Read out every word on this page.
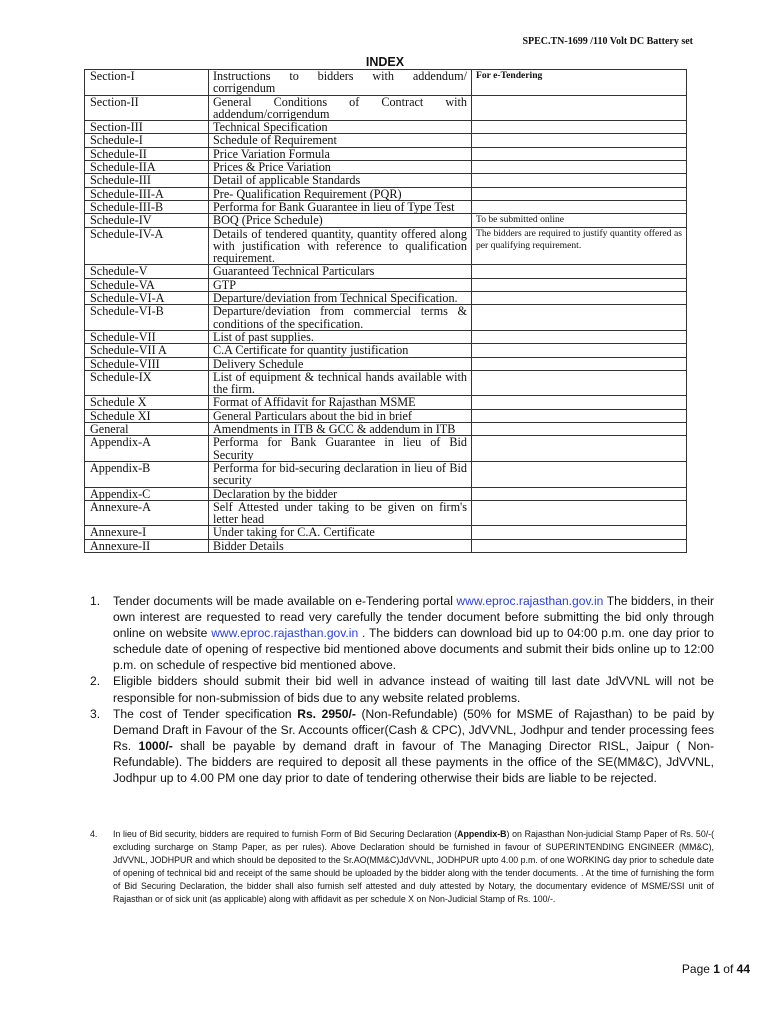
SPEC.TN-1699 /110 Volt DC Battery set
INDEX
Section-I	Instructions to bidders with addendum/ corrigendum	For e-Tendering
Section-II	General Conditions of Contract with addendum/corrigendum	
Section-III	Technical Specification	
Schedule-I	Schedule of Requirement	
Schedule-II	Price Variation Formula	
Schedule-IIA	Prices & Price Variation	
Schedule-III	Detail of applicable Standards	
Schedule-III-A	Pre- Qualification Requirement (PQR)	
Schedule-III-B	Performa for Bank Guarantee in lieu of Type Test	
Schedule-IV	BOQ (Price Schedule)	To be submitted online
Schedule-IV-A	Details of tendered quantity, quantity offered along with justification with reference to qualification requirement.	The bidders are required to justify quantity offered as per qualifying requirement.
Schedule-V	Guaranteed Technical Particulars	
Schedule-VA	GTP	
Schedule-VI-A	Departure/deviation from Technical Specification.	
Schedule-VI-B	Departure/deviation from commercial terms & conditions of the specification.	
Schedule-VII	List of past supplies.	
Schedule-VII A	C.A Certificate for quantity justification	
Schedule-VIII	Delivery Schedule	
Schedule-IX	List of equipment & technical hands available with the firm.	
Schedule X	Format of Affidavit for Rajasthan MSME	
Schedule XI	General Particulars about the bid in brief	
General	Amendments in ITB & GCC & addendum in ITB	
Appendix-A	Performa for Bank Guarantee in lieu of Bid Security	
Appendix-B	Performa for bid-securing declaration in lieu of Bid security	
Appendix-C	Declaration by the bidder	
Annexure-A	Self Attested under taking to be given on firm's letter head	
Annexure-I	Under taking for C.A. Certificate	
Annexure-II	Bidder Details	
1. Tender documents will be made available on e-Tendering portal www.eproc.rajasthan.gov.in The bidders, in their own interest are requested to read very carefully the tender document before submitting the bid only through online on website www.eproc.rajasthan.gov.in . The bidders can download bid up to 04:00 p.m. one day prior to schedule date of opening of respective bid mentioned above documents and submit their bids online up to 12:00 p.m. on schedule of respective bid mentioned above.
2. Eligible bidders should submit their bid well in advance instead of waiting till last date JdVVNL will not be responsible for non-submission of bids due to any website related problems.
3. The cost of Tender specification Rs. 2950/- (Non-Refundable) (50% for MSME of Rajasthan) to be paid by Demand Draft in Favour of the Sr. Accounts officer(Cash & CPC), JdVVNL, Jodhpur and tender processing fees Rs. 1000/- shall be payable by demand draft in favour of The Managing Director RISL, Jaipur ( Non- Refundable). The bidders are required to deposit all these payments in the office of the SE(MM&C), JdVVNL, Jodhpur up to 4.00 PM one day prior to date of tendering otherwise their bids are liable to be rejected.
4.	In lieu of Bid security, bidders are required to furnish Form of Bid Securing Declaration (Appendix-B) on Rajasthan Non-judicial Stamp Paper of Rs. 50/-( excluding surcharge on Stamp Paper, as per rules). Above Declaration should be furnished in favour of SUPERINTENDING ENGINEER (MM&C), JdVVNL, JODHPUR and which should be deposited to the Sr.AO(MM&C)JdVVNL, JODHPUR upto 4.00 p.m. of one WORKING day prior to schedule date of opening of technical bid and receipt of the same should be uploaded by the bidder along with the tender documents. . At the time of furnishing the form of Bid Securing Declaration, the bidder shall also furnish self attested and duly attested by Notary, the documentary evidence of MSME/SSI unit of Rajasthan or of sick unit (as applicable) along with affidavit as per schedule X on Non-Judicial Stamp of Rs. 100/-.
Page 1 of 44
